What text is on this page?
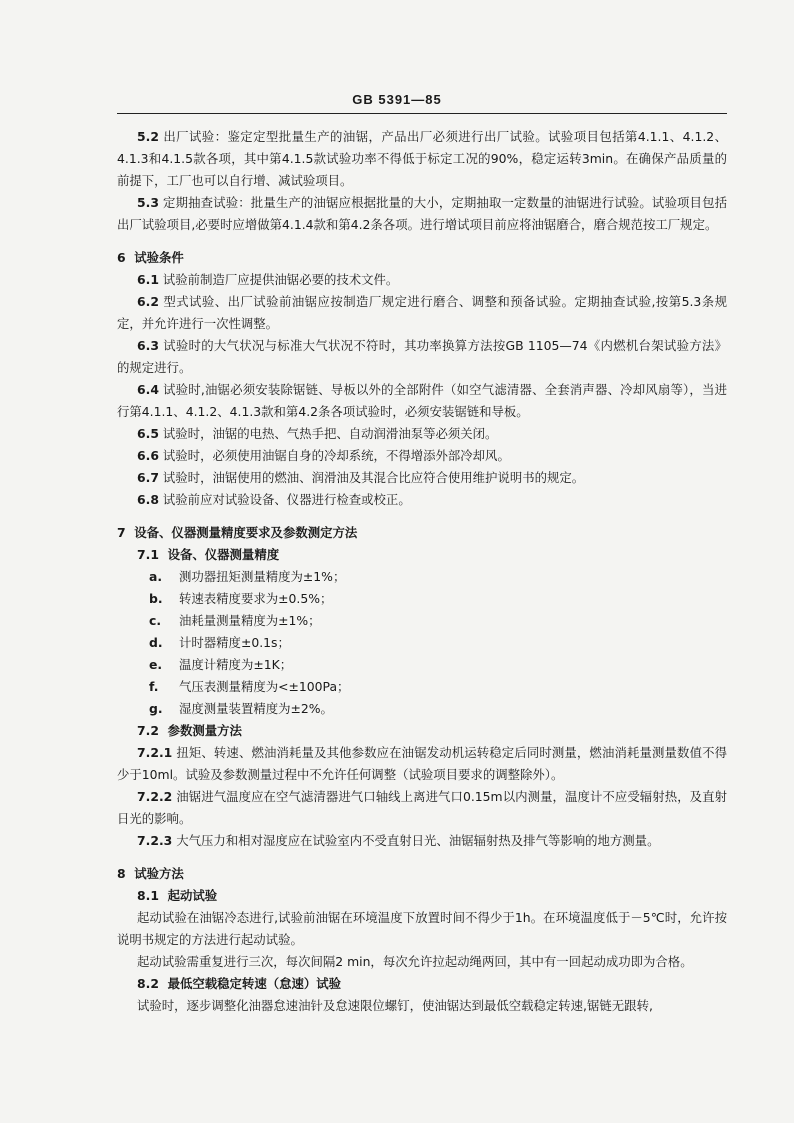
GB 5391—85

5.2 出厂试验：鉴定定型批量生产的油锯，产品出厂必须进行出厂试验。试验项目包括第4.1.1、4.1.2、4.1.3和4.1.5款各项，其中第4.1.5款试验功率不得低于标定工况的90%，稳定运转3min。在确保产品质量的前提下，工厂也可以自行增、减试验项目。

5.3 定期抽查试验：批量生产的油锯应根据批量的大小，定期抽取一定数量的油锯进行试验。试验项目包括出厂试验项目,必要时应增做第4.1.4款和第4.2条各项。进行增试项目前应将油锯磨合，磨合规范按工厂规定。

6 试验条件

6.1 试验前制造厂应提供油锯必要的技术文件。

6.2 型式试验、出厂试验前油锯应按制造厂规定进行磨合、调整和预备试验。定期抽查试验,按第5.3条规定，并允许进行一次性调整。

6.3 试验时的大气状况与标准大气状况不符时，其功率换算方法按GB 1105—74《内燃机台架试验方法》的规定进行。

6.4 试验时,油锯必须安装除锯链、导板以外的全部附件（如空气滤清器、全套消声器、冷却风扇等），当进行第4.1.1、4.1.2、4.1.3款和第4.2条各项试验时，必须安装锯链和导板。

6.5 试验时，油锯的电热、气热手把、自动润滑油泵等必须关闭。

6.6 试验时，必须使用油锯自身的冷却系统，不得增添外部冷却风。

6.7 试验时，油锯使用的燃油、润滑油及其混合比应符合使用维护说明书的规定。

6.8 试验前应对试验设备、仪器进行检查或校正。

7 设备、仪器测量精度要求及参数测定方法

7.1 设备、仪器测量精度

a.	测功器扭矩测量精度为±1%；
b.	转速表精度要求为±0.5%；
c.	油耗量测量精度为±1%；
d.	计时器精度±0.1s；
e.	温度计精度为±1K；
f.	气压表测量精度为<±100Pa；
g.	湿度测量装置精度为±2%。

7.2 参数测量方法

7.2.1 扭矩、转速、燃油消耗量及其他参数应在油锯发动机运转稳定后同时测量，燃油消耗量测量数值不得少于10ml。试验及参数测量过程中不允许任何调整（试验项目要求的调整除外）。

7.2.2 油锯进气温度应在空气滤清器进气口轴线上离进气口0.15m以内测量，温度计不应受辐射热，及直射日光的影响。

7.2.3 大气压力和相对湿度应在试验室内不受直射日光、油锯辐射热及排气等影响的地方测量。

8 试验方法

8.1 起动试验

起动试验在油锯冷态进行,试验前油锯在环境温度下放置时间不得少于1h。在环境温度低于－5℃时，允许按说明书规定的方法进行起动试验。

起动试验需重复进行三次，每次间隔2 min，每次允许拉起动绳两回，其中有一回起动成功即为合格。

8.2 最低空载稳定转速（怠速）试验

试验时，逐步调整化油器怠速油针及怠速限位螺钉，使油锯达到最低空载稳定转速,锯链无跟转,
